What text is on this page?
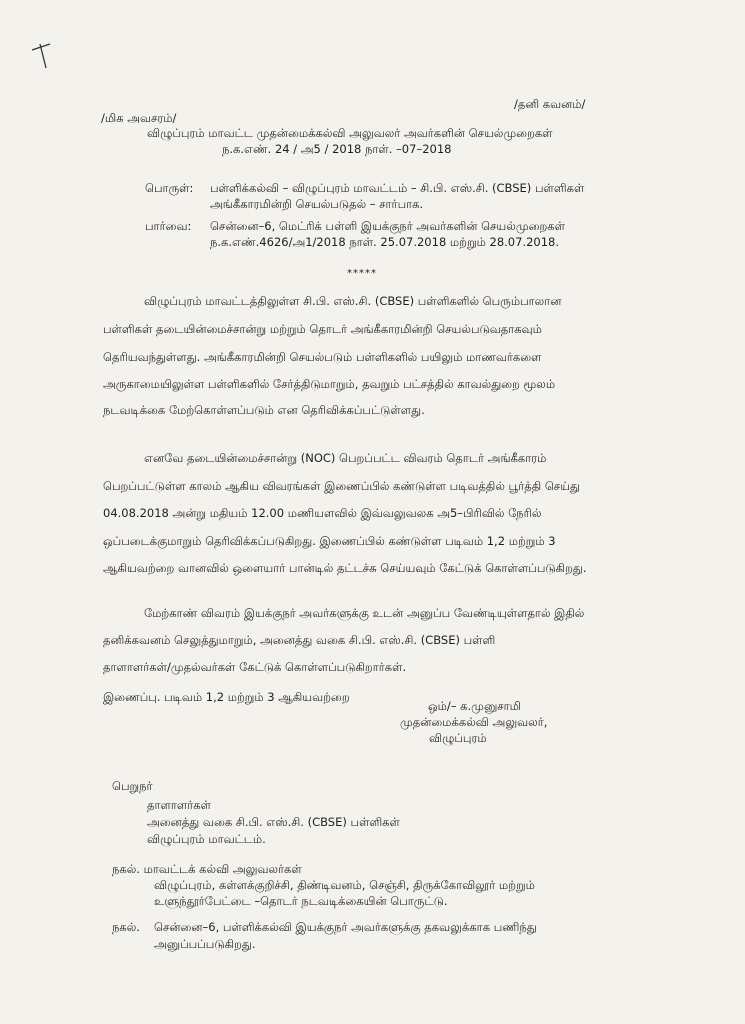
/மிக அவசரம்/
/தனி கவனம்/
விழுப்புரம் மாவட்ட முதன்மைக்கல்வி அலுவலர் அவர்களின் செயல்முறைகள்
ந.க.எண். 24 / அ5 / 2018 நாள். –07–2018
பொருள்: பள்ளிக்கல்வி – விழுப்புரம் மாவட்டம் – சி.பி. எஸ்.சி. (CBSE) பள்ளிகள்
அங்கீகாரமின்றி செயல்படுதல் – சார்பாக.
பார்வை: சென்னை–6, மெட்ரிக் பள்ளி இயக்குநர் அவர்களின் செயல்முறைகள்
ந.க.எண்.4626/அ1/2018 நாள். 25.07.2018 மற்றும் 28.07.2018.
*****
விழுப்புரம் மாவட்டத்திலுள்ள சி.பி. எஸ்.சி. (CBSE) பள்ளிகளில் பெரும்பாலான
பள்ளிகள் தடையின்மைச்சான்று மற்றும் தொடர் அங்கீகாரமின்றி செயல்படுவதாகவும்
தெரியவந்துள்ளது. அங்கீகாரமின்றி செயல்படும் பள்ளிகளில் பயிலும் மாணவர்களை
அருகாமையிலுள்ள பள்ளிகளில் சேர்த்திடுமாறும், தவறும் பட்சத்தில் காவல்துறை மூலம்
நடவடிக்கை மேற்கொள்ளப்படும் என தெரிவிக்கப்பட்டுள்ளது.
எனவே தடையின்மைச்சான்று (NOC) பெறப்பட்ட விவரம் தொடர் அங்கீகாரம்
பெறப்பட்டுள்ள காலம் ஆகிய விவரங்கள் இணைப்பில் கண்டுள்ள படிவத்தில் பூர்த்தி செய்து
04.08.2018 அன்று மதியம் 12.00 மணியளவில் இவ்வலுவலக அ5–பிரிவில் நேரில்
ஒப்படைக்குமாறும் தெரிவிக்கப்படுகிறது. இணைப்பில் கண்டுள்ள படிவம் 1,2 மற்றும் 3
ஆகியவற்றை வானவில் ஒளையார் பான்டில் தட்டச்சு செய்யவும் கேட்டுக் கொள்ளப்படுகிறது.
மேற்காண் விவரம் இயக்குநர் அவர்களுக்கு உடன் அனுப்ப வேண்டியுள்ளதால் இதில்
தனிக்கவனம் செலுத்துமாறும், அனைத்து வகை சி.பி. எஸ்.சி. (CBSE) பள்ளி
தாளாளர்கள்/முதல்வர்கள் கேட்டுக் கொள்ளப்படுகிறார்கள்.
இணைப்பு. படிவம் 1,2 மற்றும் 3 ஆகியவற்றை
ஒம்/– க.முனுசாமி
முதன்மைக்கல்வி அலுவலர்,
விழுப்புரம்
பெறுநர்
தாளாளர்கள்
அனைத்து வகை சி.பி. எஸ்.சி. (CBSE) பள்ளிகள்
விழுப்புரம் மாவட்டம்.
நகல். மாவட்டக் கல்வி அலுவலர்கள்
விழுப்புரம், கள்ளக்குறிச்சி, திண்டிவனம், செஞ்சி, திருக்கோவிலூர் மற்றும்
உளுந்தூர்பேட்டை –தொடர் நடவடிக்கையின் பொருட்டு.
நகல். சென்னை–6, பள்ளிக்கல்வி இயக்குநர் அவர்களுக்கு தகவலுக்காக பணிந்து
அனுப்பப்படுகிறது.
